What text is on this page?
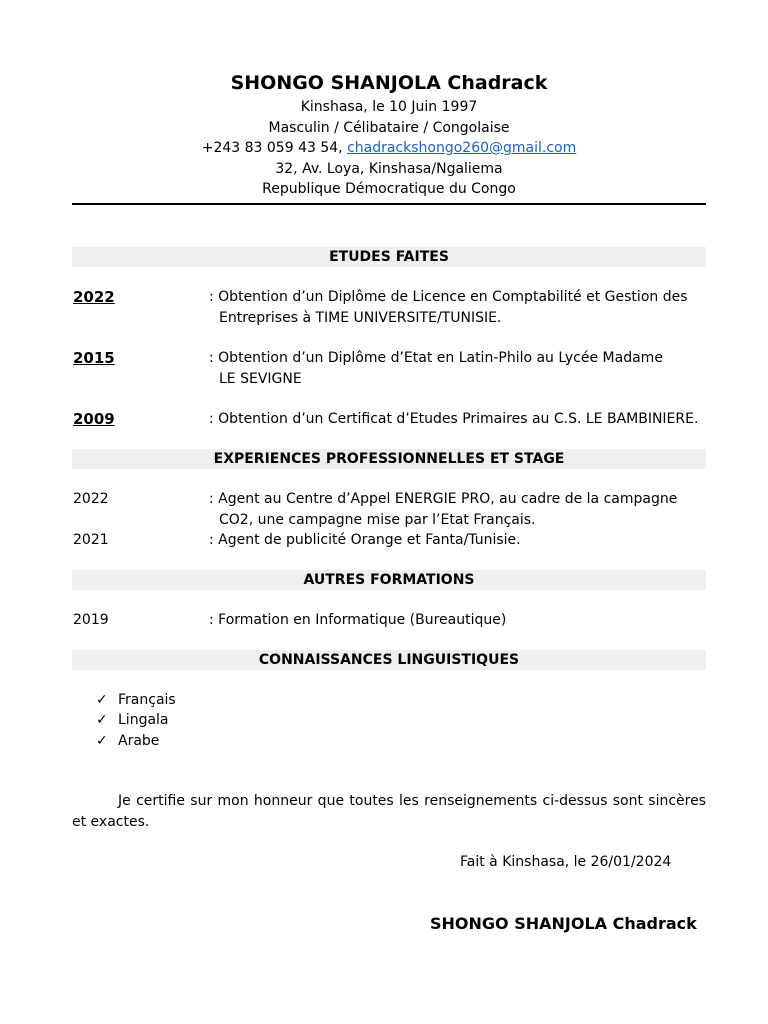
SHONGO SHANJOLA Chadrack
Kinshasa, le 10 Juin 1997
Masculin / Célibataire / Congolaise
+243 83 059 43 54, chadrackshongo260@gmail.com
32, Av. Loya, Kinshasa/Ngaliema
Republique Démocratique du Congo
ETUDES FAITES
2022	: Obtention d’un Diplôme de Licence en Comptabilité et Gestion des
Entreprises à TIME UNIVERSITE/TUNISIE.
2015	: Obtention d’un Diplôme d’Etat en Latin-Philo au Lycée Madame
LE SEVIGNE
2009	: Obtention d’un Certificat d’Etudes Primaires au C.S. LE BAMBINIERE.
EXPERIENCES PROFESSIONNELLES ET STAGE
2022	: Agent au Centre d’Appel ENERGIE PRO, au cadre de la campagne
CO2, une campagne mise par l’Etat Français.
2021	: Agent de publicité Orange et Fanta/Tunisie.
AUTRES FORMATIONS
2019	: Formation en Informatique (Bureautique)
CONNAISSANCES LINGUISTIQUES
✓ Français
✓ Lingala
✓ Arabe
Je certifie sur mon honneur que toutes les renseignements ci-dessus sont sincères et exactes.
Fait à Kinshasa, le 26/01/2024
SHONGO SHANJOLA Chadrack
